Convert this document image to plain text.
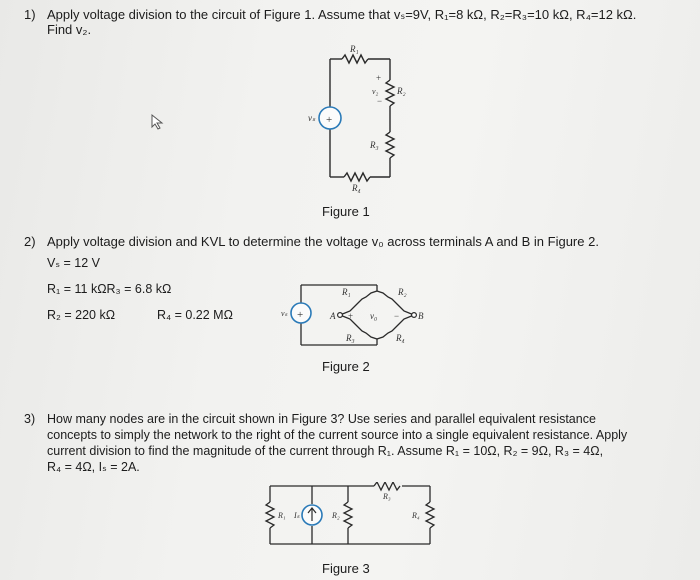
1) Apply voltage division to the circuit of Figure 1. Assume that vₛ=9V, R₁=8 kΩ, R₂=R₃=10 kΩ, R₄=12 kΩ.
Find v₂.
+
R₁
R₂
R₃
R₄
vₛ
v₂
+
−
Figure 1
2) Apply voltage division and KVL to determine the voltage v₀ across terminals A and B in Figure 2.
Vₛ = 12 V
R₁ = 11 kΩR₃ = 6.8 kΩ
R₂ = 220 kΩ	R₄ = 0.22 MΩ	+
vₛ
R₁	R₂
R₃	R₄
A	B
v₀
+	−
Figure 2
3) How many nodes are in the circuit shown in Figure 3? Use series and parallel equivalent resistance
concepts to simply the network to the right of the current source into a single equivalent resistance. Apply
current division to find the magnitude of the current through R₁. Assume R₁ = 10Ω, R₂ = 9Ω, R₃ = 4Ω,
R₄ = 4Ω, Iₛ = 2A.
R₁ Iₛ	R₂
R₃
R₄
Figure 3
